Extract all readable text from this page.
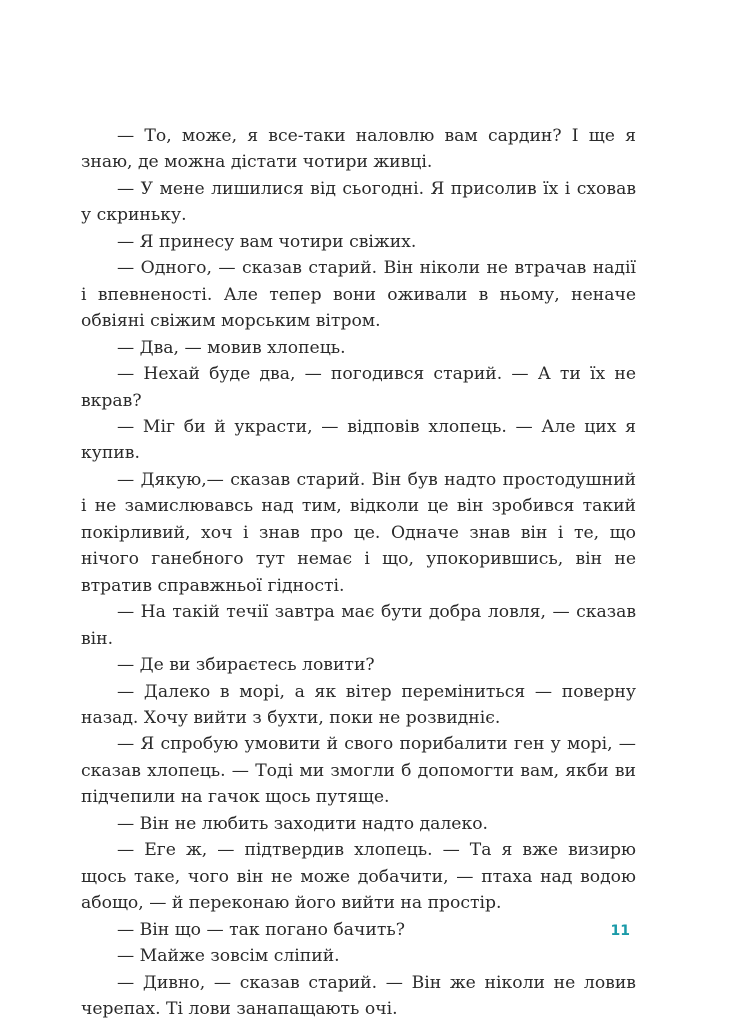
— То, може, я все-таки наловлю вам сардин? І ще я знаю, де можна дістати чотири живці.

— У мене лишилися від сьогодні. Я присолив їх і сховав у скриньку.

— Я принесу вам чотири свіжих.

— Одного, — сказав старий. Він ніколи не втрачав надії і впевненості. Але тепер вони оживали в ньому, неначе обвіяні свіжим морським вітром.

— Два, — мовив хлопець.

— Нехай буде два, — погодився старий. — А ти їх не вкрав?

— Міг би й украсти, — відповів хлопець. — Але цих я купив.

— Дякую,— сказав старий. Він був надто простодушний і не замислювавсь над тим, відколи це він зробився такий покірливий, хоч і знав про це. Одначе знав він і те, що нічого ганебного тут немає і що, упокорившись, він не втратив справжньої гідності.

— На такій течії завтра має бути добра ловля, — сказав він.

— Де ви збираєтесь ловити?

— Далеко в морі, а як вітер переміниться — поверну назад. Хочу вийти з бухти, поки не розвидніє.

— Я спробую умовити й свого порибалити ген у морі, — сказав хлопець. — Тоді ми змогли б допомогти вам, якби ви підчепили на гачок щось путяще.

— Він не любить заходити надто далеко.

— Еге ж, — підтвердив хлопець. — Та я вже визирю щось таке, чого він не може добачити, — птаха над водою абощо, — й переконаю його вийти на простір.

— Він що — так погано бачить?

— Майже зовсім сліпий.

— Дивно, — сказав старий. — Він же ніколи не ловив черепах. Ті лови занапащають очі.

11
